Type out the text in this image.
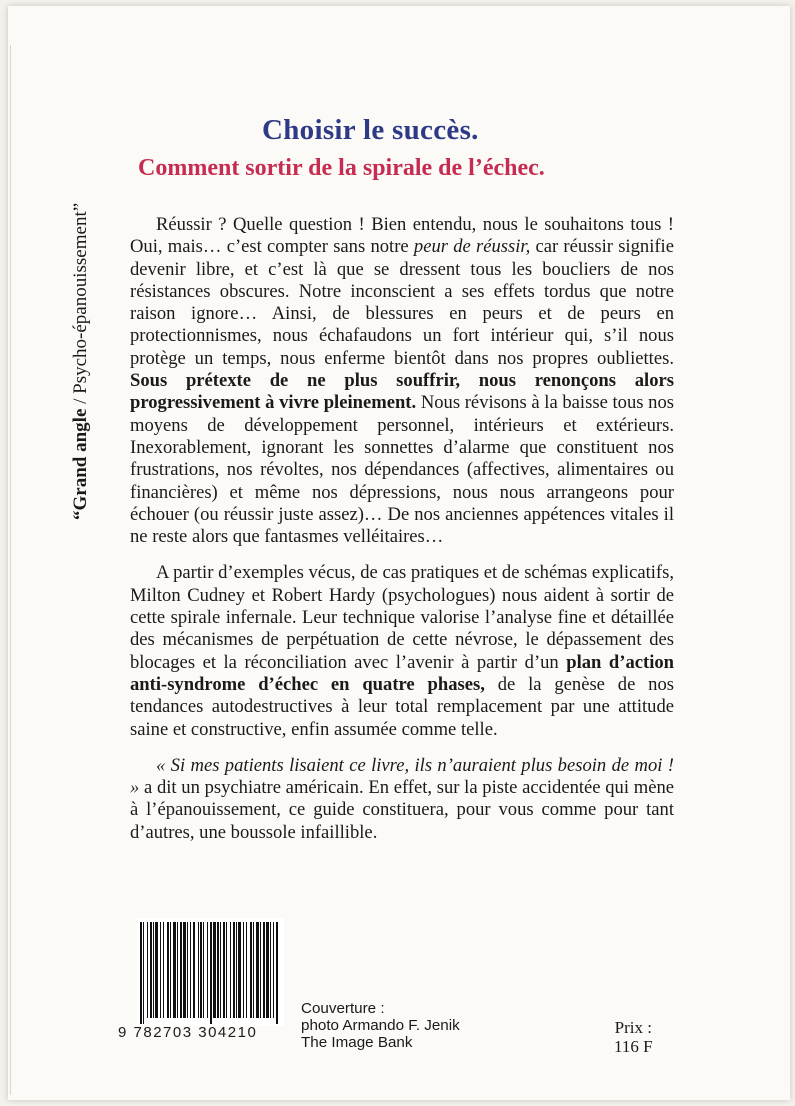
“Grand angle / Psycho-épanouissement”
Choisir le succès.
Comment sortir de la spirale de l’échec.

Réussir ? Quelle question ! Bien entendu, nous le souhaitons tous ! Oui, mais… c’est compter sans notre peur de réussir, car réussir signifie devenir libre, et c’est là que se dressent tous les boucliers de nos résistances obscures. Notre inconscient a ses effets tordus que notre raison ignore… Ainsi, de blessures en peurs et de peurs en protectionnismes, nous échafaudons un fort intérieur qui, s’il nous protège un temps, nous enferme bientôt dans nos propres oubliettes. Sous prétexte de ne plus souffrir, nous renonçons alors progressivement à vivre pleinement. Nous révisons à la baisse tous nos moyens de développement personnel, intérieurs et extérieurs. Inexorablement, ignorant les sonnettes d’alarme que constituent nos frustrations, nos révoltes, nos dépendances (affectives, alimentaires ou financières) et même nos dépressions, nous nous arrangeons pour échouer (ou réussir juste assez)… De nos anciennes appétences vitales il ne reste alors que fantasmes velléitaires…

A partir d’exemples vécus, de cas pratiques et de schémas explicatifs, Milton Cudney et Robert Hardy (psychologues) nous aident à sortir de cette spirale infernale. Leur technique valorise l’analyse fine et détaillée des mécanismes de perpétuation de cette névrose, le dépassement des blocages et la réconciliation avec l’avenir à partir d’un plan d’action anti-syndrome d’échec en quatre phases, de la genèse de nos tendances autodestructives à leur total remplacement par une attitude saine et constructive, enfin assumée comme telle.

« Si mes patients lisaient ce livre, ils n’auraient plus besoin de moi ! » a dit un psychiatre américain. En effet, sur la piste accidentée qui mène à l’épanouissement, ce guide constituera, pour vous comme pour tant d’autres, une boussole infaillible.

9 782703 304210
Couverture :
photo Armando F. Jenik
The Image Bank
Prix :
116 F
